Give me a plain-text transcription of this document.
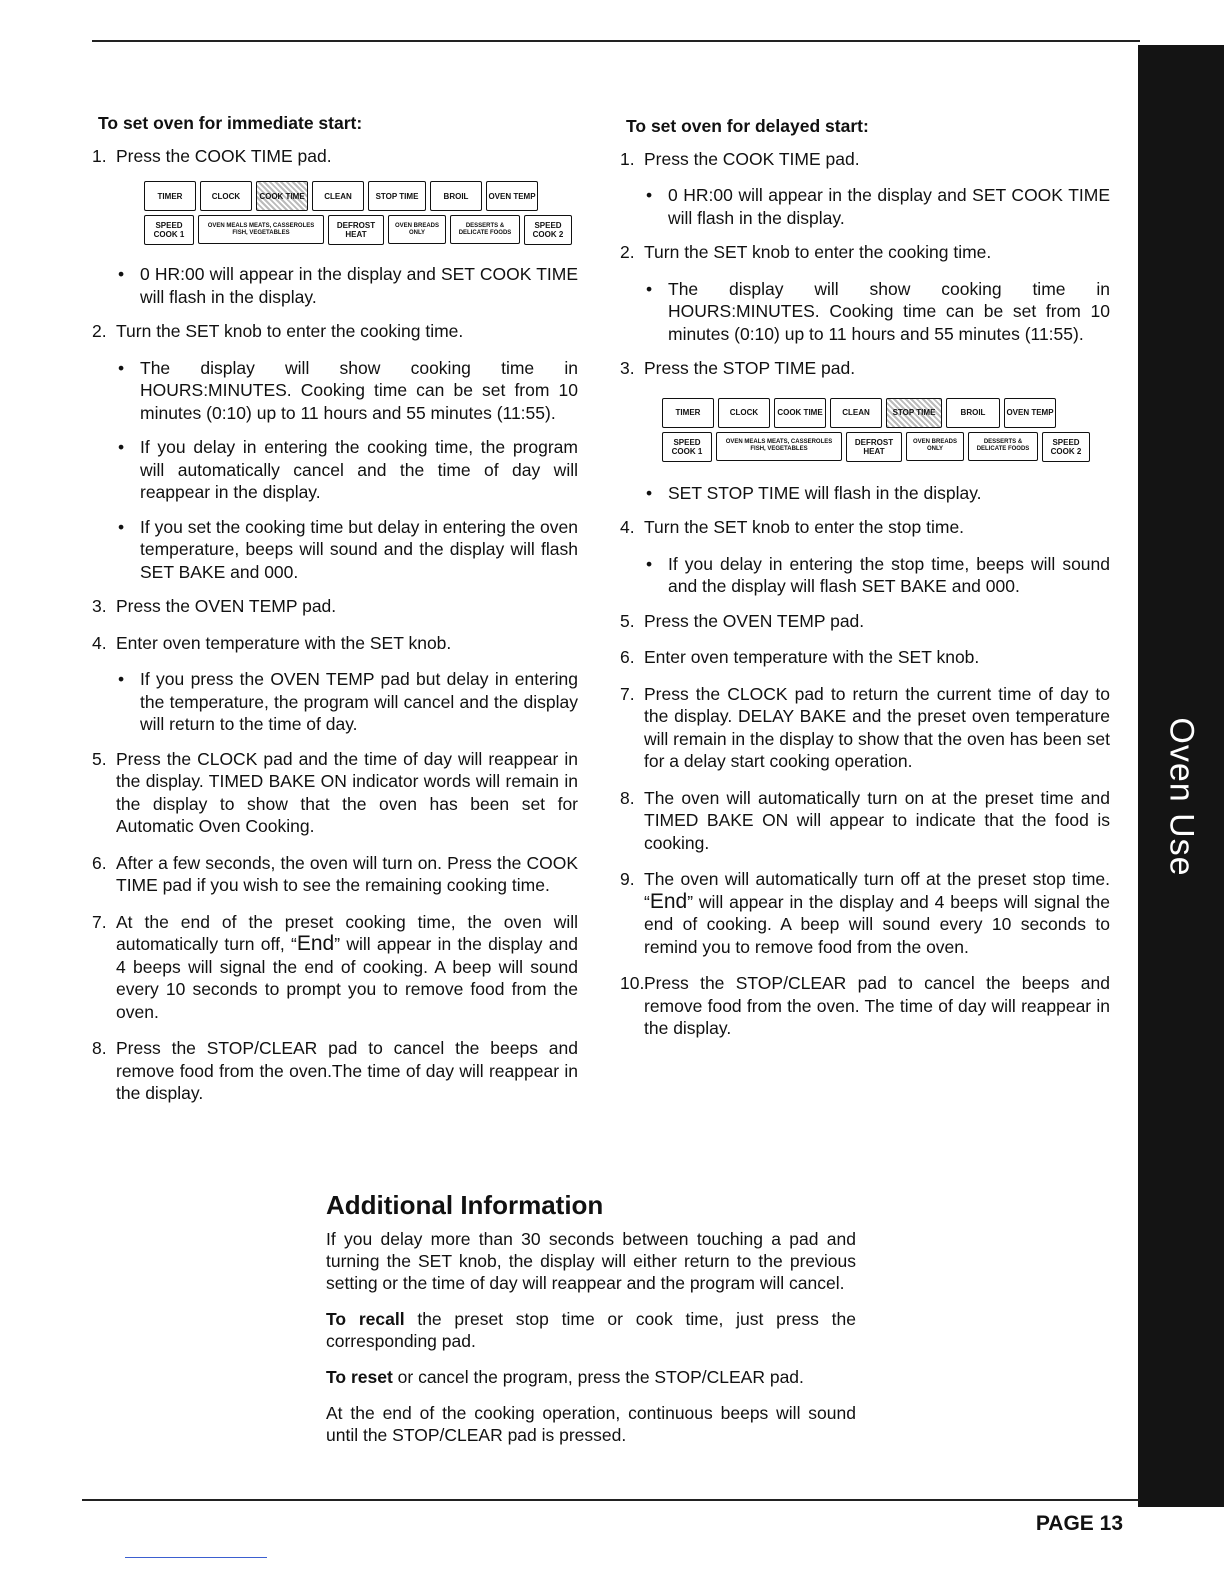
Oven Use
To set oven for immediate start:
1. Press the COOK TIME pad.
TIMER	CLOCK	COOK TIME	CLEAN	STOP TIME	BROIL	OVEN TEMP
SPEED COOK 1
OVEN MEALS MEATS, CASSEROLES FISH, VEGETABLES
DEFROST HEAT
OVEN BREADS ONLY
DESSERTS & DELICATE FOODS
SPEED COOK 2
• 0 HR:00 will appear in the display and SET COOK TIME will flash in the display.
2. Turn the SET knob to enter the cooking time.
• The display will show cooking time in HOURS:MINUTES. Cooking time can be set from 10 minutes (0:10) up to 11 hours and 55 minutes (11:55).
• If you delay in entering the cooking time, the program will automatically cancel and the time of day will reappear in the display.
• If you set the cooking time but delay in entering the oven temperature, beeps will sound and the display will flash SET BAKE and 000.
3. Press the OVEN TEMP pad.
4. Enter oven temperature with the SET knob.
• If you press the OVEN TEMP pad but delay in entering the temperature, the program will cancel and the display will return to the time of day.
5. Press the CLOCK pad and the time of day will reappear in the display. TIMED BAKE ON indicator words will remain in the display to show that the oven has been set for Automatic Oven Cooking.
6. After a few seconds, the oven will turn on. Press the COOK TIME pad if you wish to see the remaining cooking time.
7. At the end of the preset cooking time, the oven will automatically turn off, “End” will appear in the display and 4 beeps will signal the end of cooking. A beep will sound every 10 seconds to prompt you to remove food from the oven.
8. Press the STOP/CLEAR pad to cancel the beeps and remove food from the oven.The time of day will reappear in the display.
To set oven for delayed start:
1. Press the COOK TIME pad.
• 0 HR:00 will appear in the display and SET COOK TIME will flash in the display.
2. Turn the SET knob to enter the cooking time.
• The display will show cooking time in HOURS:MINUTES. Cooking time can be set from 10 minutes (0:10) up to 11 hours and 55 minutes (11:55).
3. Press the STOP TIME pad.
TIMER	CLOCK	COOK TIME	CLEAN	STOP TIME	BROIL	OVEN TEMP
SPEED COOK 1
OVEN MEALS MEATS, CASSEROLES FISH, VEGETABLES
DEFROST HEAT
OVEN BREADS ONLY
DESSERTS & DELICATE FOODS
SPEED COOK 2
• SET STOP TIME will flash in the display.
4. Turn the SET knob to enter the stop time.
• If you delay in entering the stop time, beeps will sound and the display will flash SET BAKE and 000.
5. Press the OVEN TEMP pad.
6. Enter oven temperature with the SET knob.
7. Press the CLOCK pad to return the current time of day to the display. DELAY BAKE and the preset oven temperature will remain in the display to show that the oven has been set for a delay start cooking operation.
8. The oven will automatically turn on at the preset time and TIMED BAKE ON will appear to indicate that the food is cooking.
9. The oven will automatically turn off at the preset stop time. “End” will appear in the display and 4 beeps will signal the end of cooking. A beep will sound every 10 seconds to remind you to remove food from the oven.
10. Press the STOP/CLEAR pad to cancel the beeps and remove food from the oven. The time of day will reappear in the display.
Additional Information

If you delay more than 30 seconds between touching a pad and turning the SET knob, the display will either return to the previous setting or the time of day will reappear and the program will cancel.

To recall the preset stop time or cook time, just press the corresponding pad.

To reset or cancel the program, press the STOP/CLEAR pad.

At the end of the cooking operation, continuous beeps will sound until the STOP/CLEAR pad is pressed.

PAGE 13
